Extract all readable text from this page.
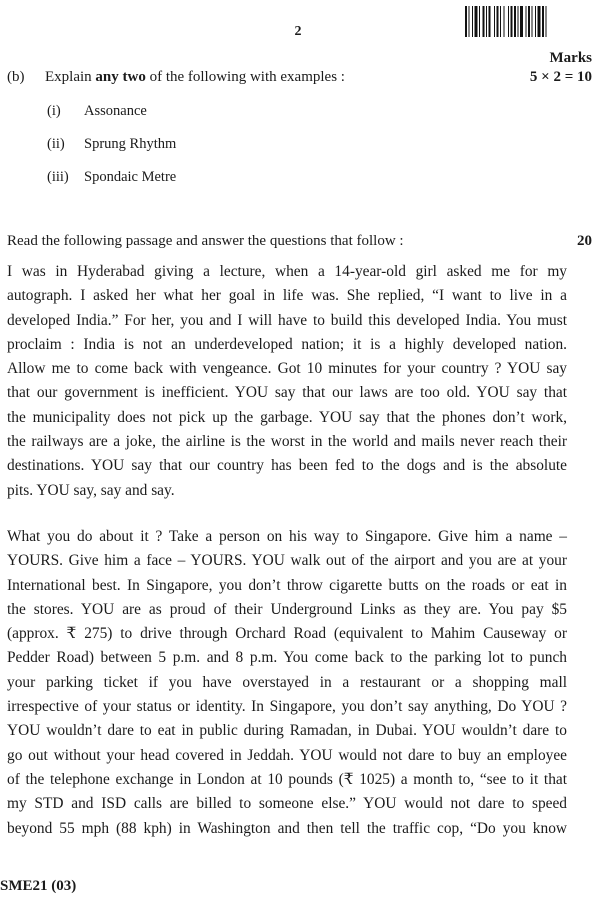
2
Marks
(b) Explain any two of the following with examples :	5 × 2 = 10
(i) Assonance
(ii) Sprung Rhythm
(iii) Spondaic Metre
Read the following passage and answer the questions that follow :	20
I was in Hyderabad giving a lecture, when a 14-year-old girl asked me for my
autograph. I asked her what her goal in life was. She replied, “I want to live in a
developed India.” For her, you and I will have to build this developed India. You must
proclaim : India is not an underdeveloped nation; it is a highly developed nation.
Allow me to come back with vengeance. Got 10 minutes for your country ? YOU say
that our government is inefficient. YOU say that our laws are too old. YOU say that
the municipality does not pick up the garbage. YOU say that the phones don’t work,
the railways are a joke, the airline is the worst in the world and mails never reach their
destinations. YOU say that our country has been fed to the dogs and is the absolute
pits. YOU say, say and say.
What you do about it ? Take a person on his way to Singapore. Give him a name –
YOURS. Give him a face – YOURS. YOU walk out of the airport and you are at your
International best. In Singapore, you don’t throw cigarette butts on the roads or eat in
the stores. YOU are as proud of their Underground Links as they are. You pay $5
(approx. ₹ 275) to drive through Orchard Road (equivalent to Mahim Causeway or
Pedder Road) between 5 p.m. and 8 p.m. You come back to the parking lot to punch
your parking ticket if you have overstayed in a restaurant or a shopping mall
irrespective of your status or identity. In Singapore, you don’t say anything, Do YOU ?
YOU wouldn’t dare to eat in public during Ramadan, in Dubai. YOU wouldn’t dare to
go out without your head covered in Jeddah. YOU would not dare to buy an employee
of the telephone exchange in London at 10 pounds (₹ 1025) a month to, “see to it that
my STD and ISD calls are billed to someone else.” YOU would not dare to speed
beyond 55 mph (88 kph) in Washington and then tell the traffic cop, “Do you know
SME21 (03)
